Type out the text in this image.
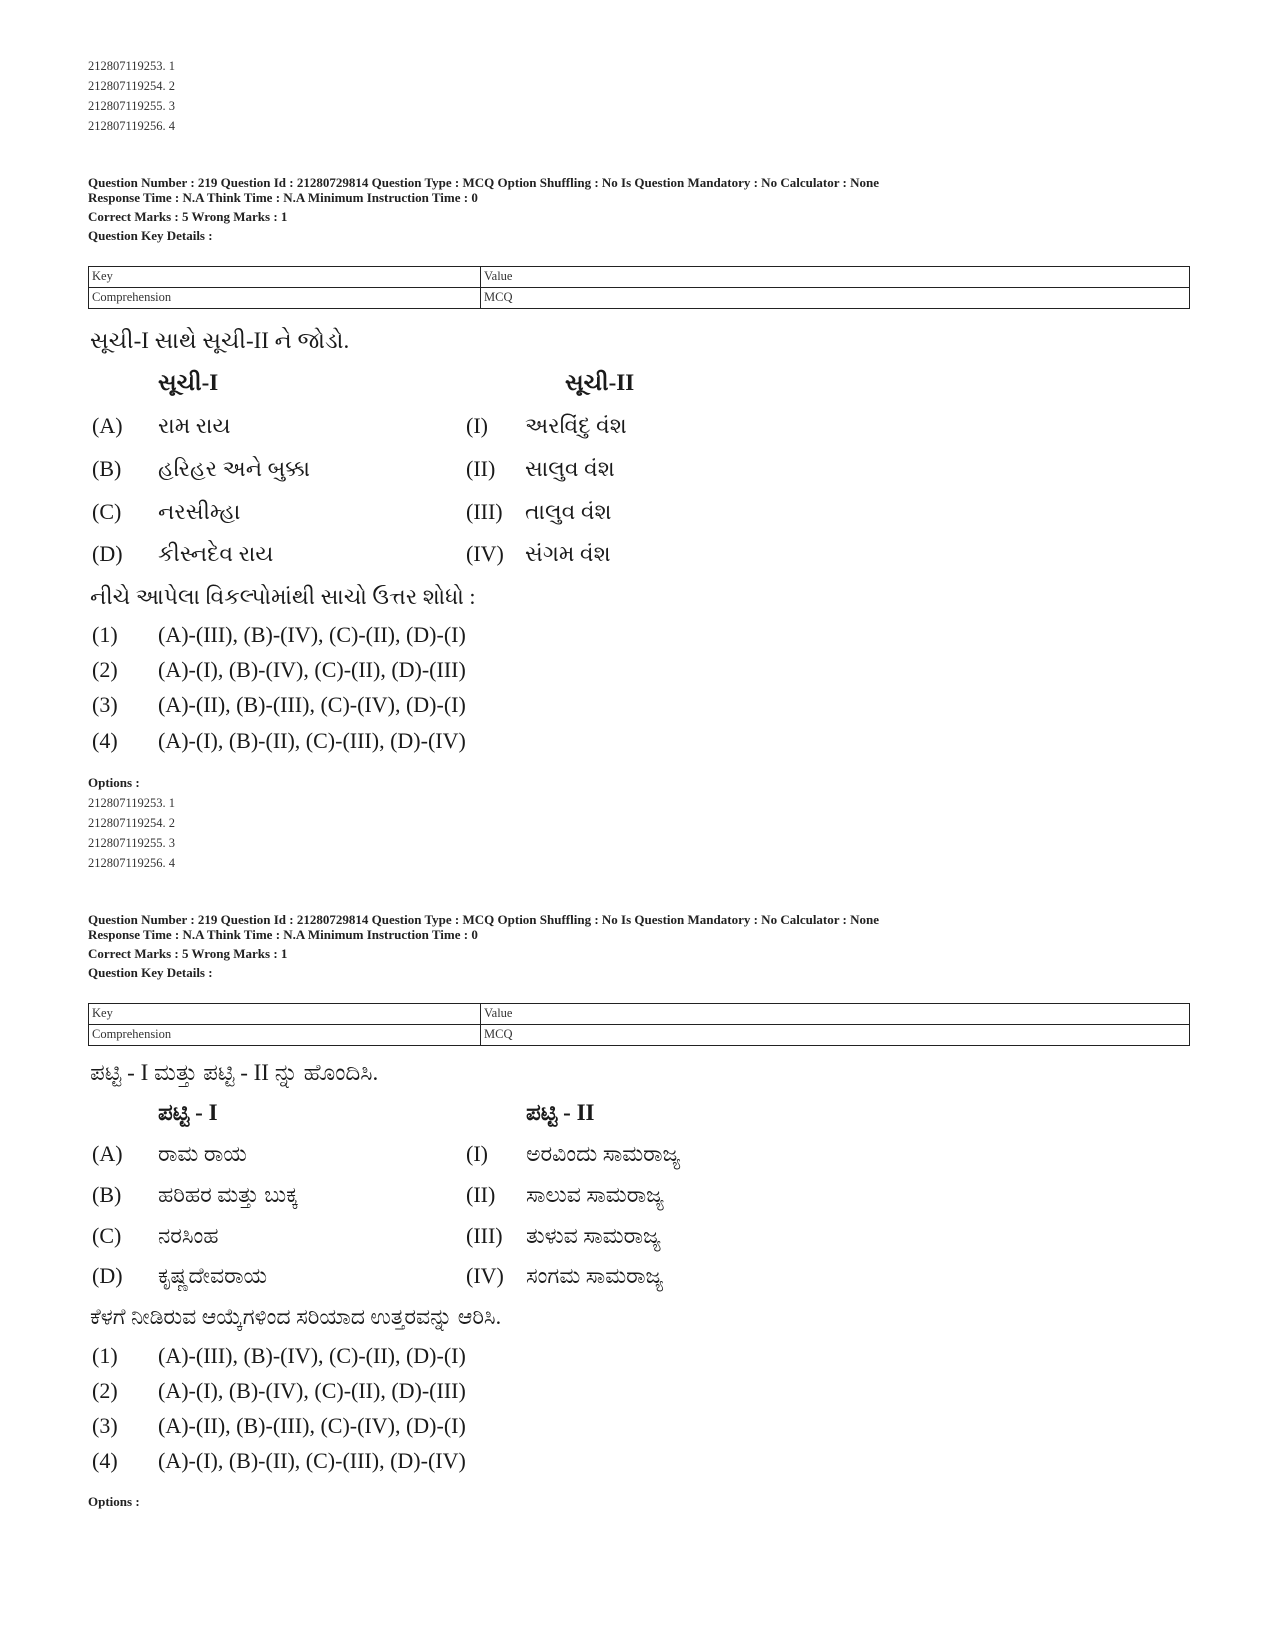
212807119253. 1
212807119254. 2
212807119255. 3
212807119256. 4
Question Number : 219 Question Id : 21280729814 Question Type : MCQ Option Shuffling : No Is Question Mandatory : No Calculator : None
Response Time : N.A Think Time : N.A Minimum Instruction Time : 0
Correct Marks : 5 Wrong Marks : 1
Question Key Details :
Key	Value
Comprehension	MCQ
સૂચી-I સાથે સૂચી-II ને જોડો.
સૂચી-I	સૂચી-II
(A) રામ રાય	(I) અરવિંદુ વંશ
(B) હરિહર અને બુક્કા	(II) સાલુવ વંશ
(C) નરસીમ્હા	(III) તાલુવ વંશ
(D) કીસ્નદેવ રાય	(IV) સંગમ વંશ
નીચે આપેલા વિકલ્પોમાંથી સાચો ઉત્તર શોધો :
(1) (A)-(III), (B)-(IV), (C)-(II), (D)-(I)
(2) (A)-(I), (B)-(IV), (C)-(II), (D)-(III)
(3) (A)-(II), (B)-(III), (C)-(IV), (D)-(I)
(4) (A)-(I), (B)-(II), (C)-(III), (D)-(IV)
Options :
212807119253. 1
212807119254. 2
212807119255. 3
212807119256. 4
Question Number : 219 Question Id : 21280729814 Question Type : MCQ Option Shuffling : No Is Question Mandatory : No Calculator : None
Response Time : N.A Think Time : N.A Minimum Instruction Time : 0
Correct Marks : 5 Wrong Marks : 1
Question Key Details :
Key	Value
Comprehension	MCQ
ಪಟ್ಟಿ - I ಮತ್ತು ಪಟ್ಟಿ - II ನ್ನು ಹೊಂದಿಸಿ.
ಪಟ್ಟಿ - I	ಪಟ್ಟಿ - II
(A) ರಾಮ ರಾಯ	(I) ಅರವಿಂದು ಸಾಮರಾಜ್ಯ
(B) ಹರಿಹರ ಮತ್ತು ಬುಕ್ಕ	(II) ಸಾಲುವ ಸಾಮರಾಜ್ಯ
(C) ನರಸಿಂಹ	(III) ತುಳುವ ಸಾಮರಾಜ್ಯ
(D) ಕೃಷ್ಣದೇವರಾಯ	(IV) ಸಂಗಮ ಸಾಮರಾಜ್ಯ
ಕೆಳಗೆ ನೀಡಿರುವ ಆಯ್ಕೆಗಳಿಂದ ಸರಿಯಾದ ಉತ್ತರವನ್ನು ಆರಿಸಿ.
(1) (A)-(III), (B)-(IV), (C)-(II), (D)-(I)
(2) (A)-(I), (B)-(IV), (C)-(II), (D)-(III)
(3) (A)-(II), (B)-(III), (C)-(IV), (D)-(I)
(4) (A)-(I), (B)-(II), (C)-(III), (D)-(IV)
Options :
